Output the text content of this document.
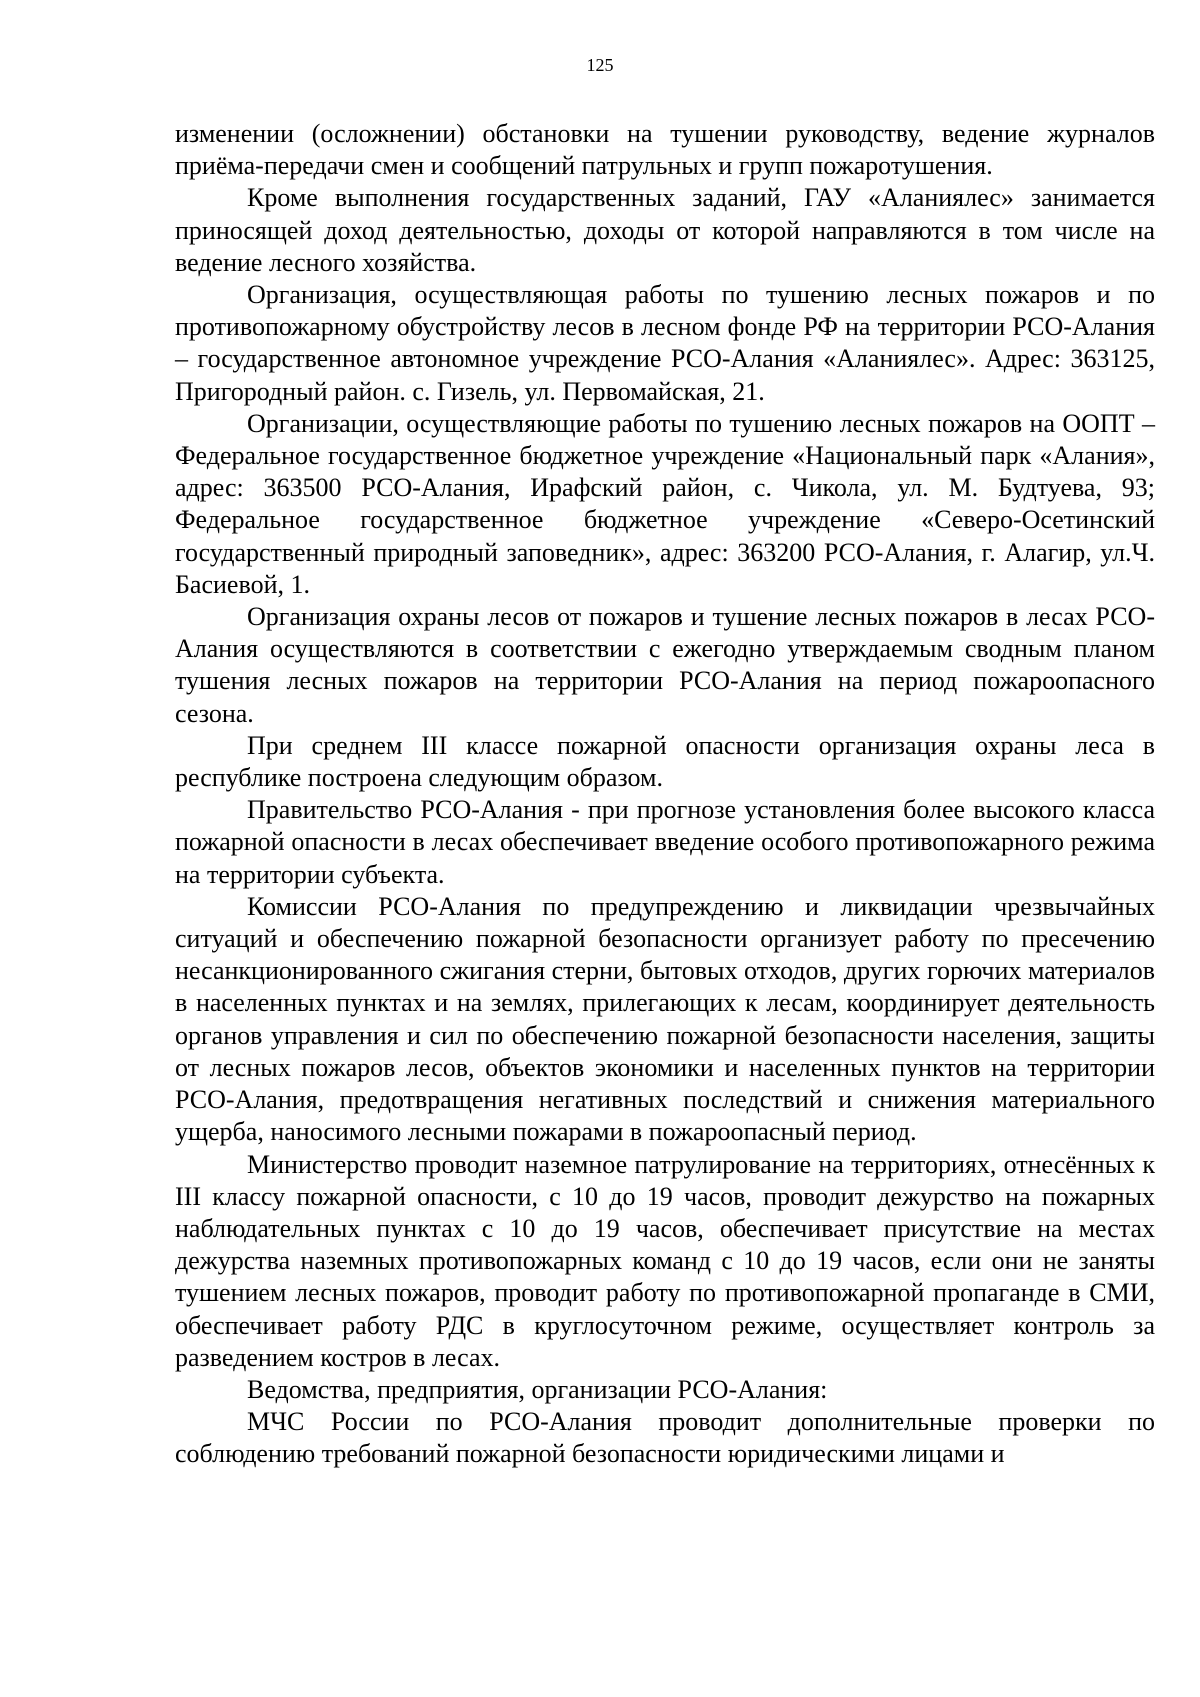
125

изменении (осложнении) обстановки на тушении руководству, ведение журналов приёма-передачи смен и сообщений патрульных и групп пожаротушения.

Кроме выполнения государственных заданий, ГАУ «Аланиялес» занимается приносящей доход деятельностью, доходы от которой направляются в том числе на ведение лесного хозяйства.

Организация, осуществляющая работы по тушению лесных пожаров и по противопожарному обустройству лесов в лесном фонде РФ на территории РСО-Алания – государственное автономное учреждение РСО-Алания «Аланиялес». Адрес: 363125, Пригородный район. с. Гизель, ул. Первомайская, 21.

Организации, осуществляющие работы по тушению лесных пожаров на ООПТ – Федеральное государственное бюджетное учреждение «Национальный парк «Алания», адрес: 363500 РСО-Алания, Ирафский район, с. Чикола, ул. М. Будтуева, 93; Федеральное государственное бюджетное учреждение «Северо-Осетинский государственный природный заповедник», адрес: 363200 РСО-Алания, г. Алагир, ул.Ч. Басиевой, 1.

Организация охраны лесов от пожаров и тушение лесных пожаров в лесах РСО-Алания осуществляются в соответствии с ежегодно утверждаемым сводным планом тушения лесных пожаров на территории РСО-Алания на период пожароопасного сезона.

При среднем III классе пожарной опасности организация охраны леса в республике построена следующим образом.

Правительство РСО-Алания - при прогнозе установления более высокого класса пожарной опасности в лесах обеспечивает введение особого противопожарного режима на территории субъекта.

Комиссии РСО-Алания по предупреждению и ликвидации чрезвычайных ситуаций и обеспечению пожарной безопасности организует работу по пресечению несанкционированного сжигания стерни, бытовых отходов, других горючих материалов в населенных пунктах и на землях, прилегающих к лесам, координирует деятельность органов управления и сил по обеспечению пожарной безопасности населения, защиты от лесных пожаров лесов, объектов экономики и населенных пунктов на территории РСО-Алания, предотвращения негативных последствий и снижения материального ущерба, наносимого лесными пожарами в пожароопасный период.

Министерство проводит наземное патрулирование на территориях, отнесённых к III классу пожарной опасности, с 10 до 19 часов, проводит дежурство на пожарных наблюдательных пунктах с 10 до 19 часов, обеспечивает присутствие на местах дежурства наземных противопожарных команд с 10 до 19 часов, если они не заняты тушением лесных пожаров, проводит работу по противопожарной пропаганде в СМИ, обеспечивает работу РДС в круглосуточном режиме, осуществляет контроль за разведением костров в лесах.

Ведомства, предприятия, организации РСО-Алания:

МЧС России по РСО-Алания проводит дополнительные проверки по соблюдению требований пожарной безопасности юридическими лицами и
